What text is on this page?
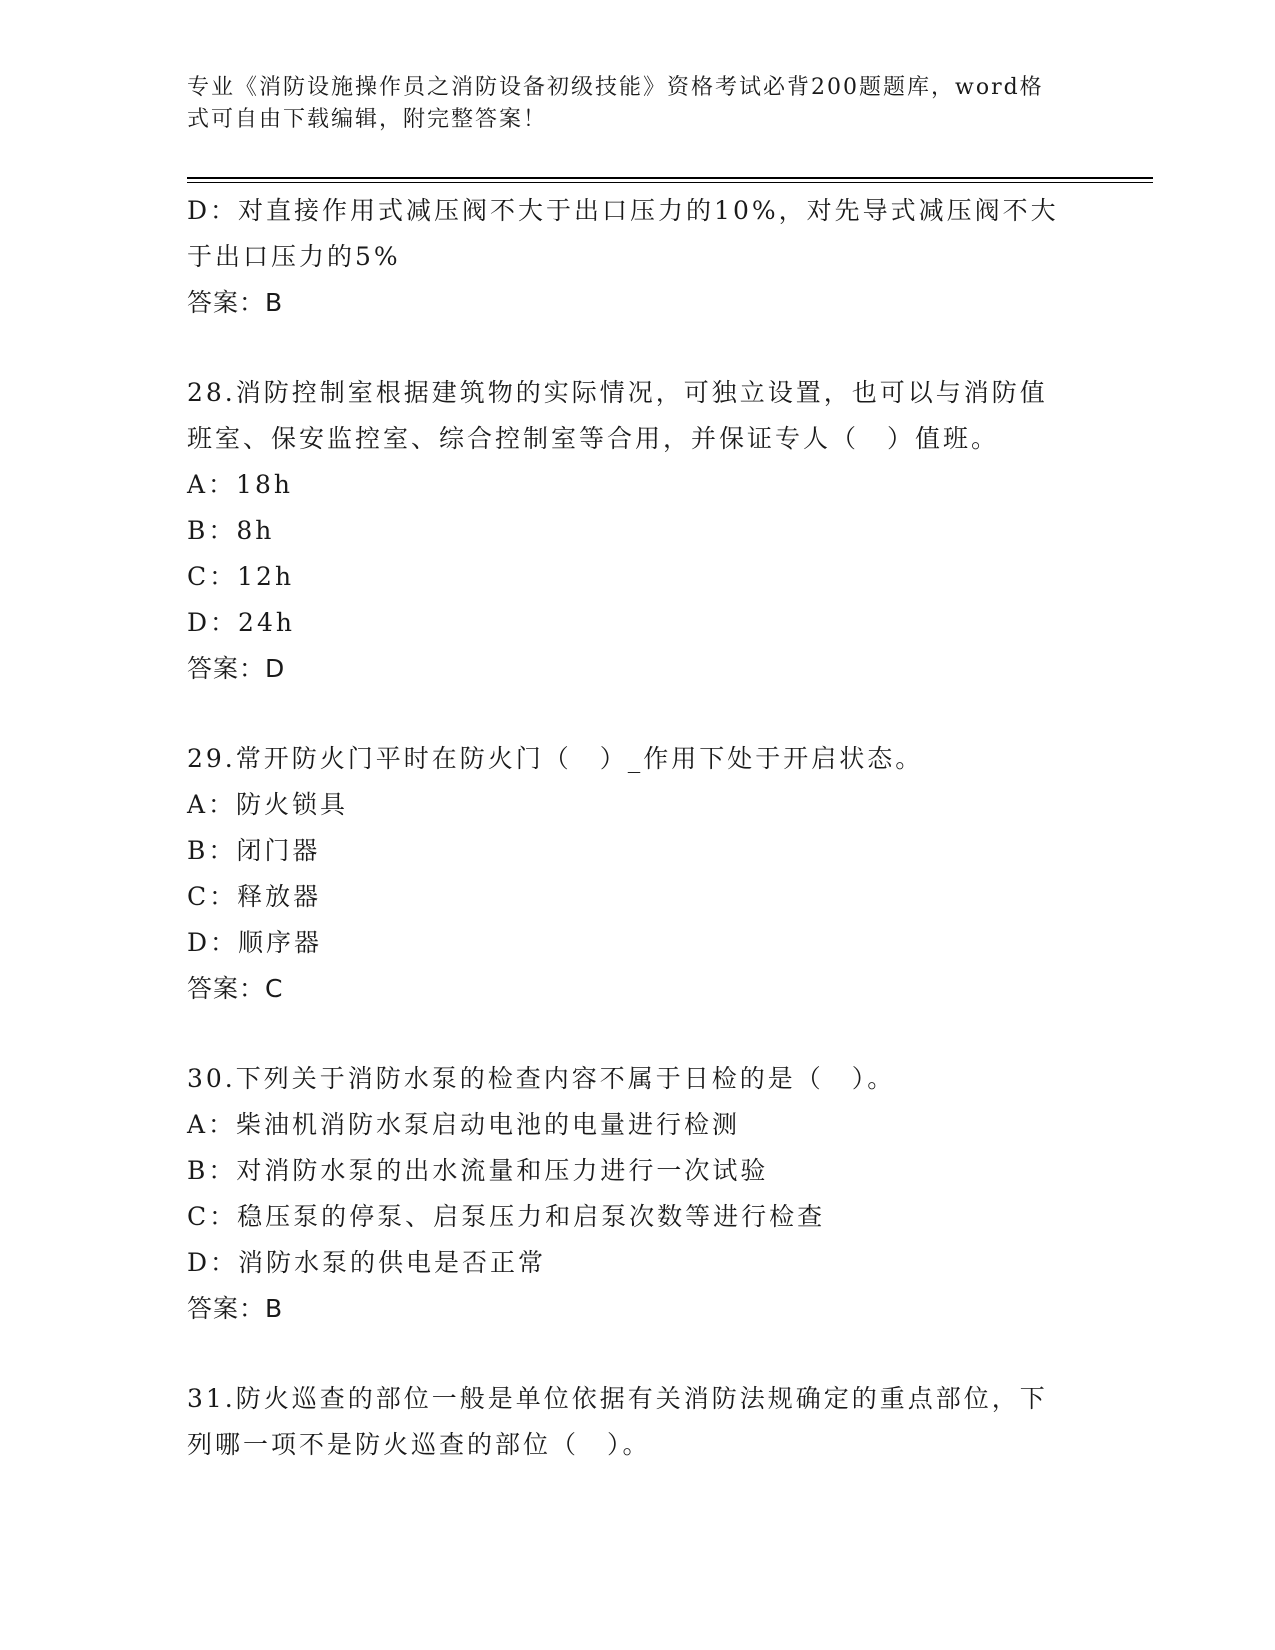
专业《消防设施操作员之消防设备初级技能》资格考试必背200题题库，word格
式可自由下载编辑，附完整答案！
D：对直接作用式减压阀不大于出口压力的10%，对先导式减压阀不大
于出口压力的5%
答案：B
28.消防控制室根据建筑物的实际情况，可独立设置，也可以与消防值
班室、保安监控室、综合控制室等合用，并保证专人（　）值班。
A：18h
B：8h
C：12h
D：24h
答案：D
29.常开防火门平时在防火门（　）_作用下处于开启状态。
A：防火锁具
B：闭门器
C：释放器
D：顺序器
答案：C
30.下列关于消防水泵的检查内容不属于日检的是（　）。
A：柴油机消防水泵启动电池的电量进行检测
B：对消防水泵的出水流量和压力进行一次试验
C：稳压泵的停泵、启泵压力和启泵次数等进行检查
D：消防水泵的供电是否正常
答案：B
31.防火巡查的部位一般是单位依据有关消防法规确定的重点部位，下
列哪一项不是防火巡查的部位（　）。
